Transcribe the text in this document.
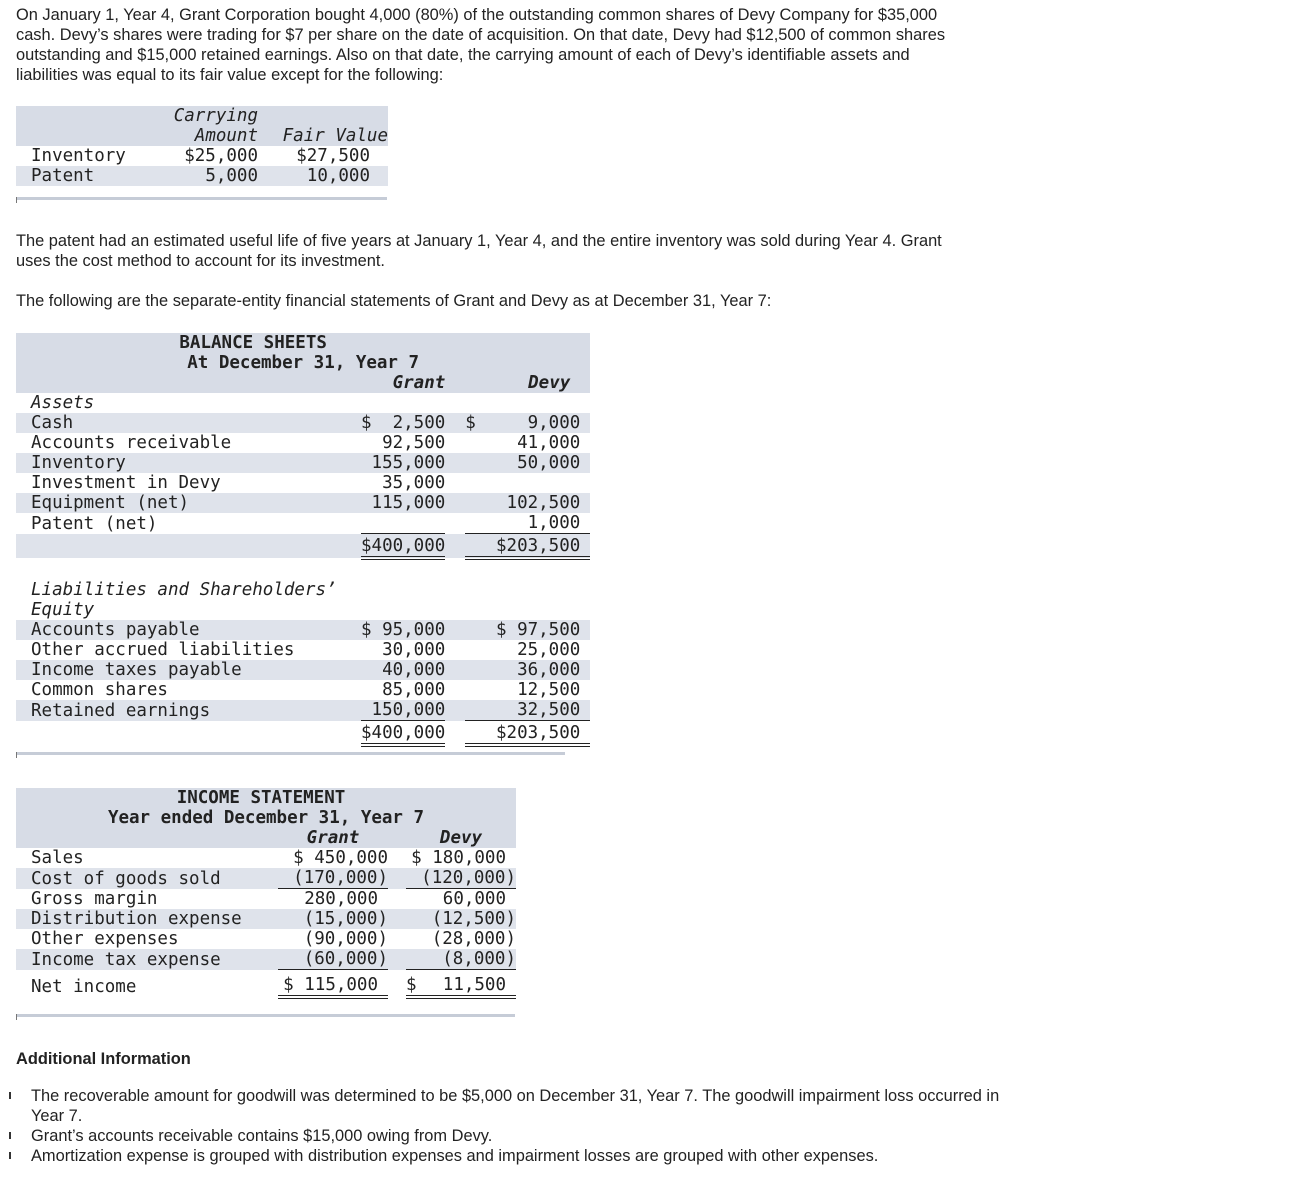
On January 1, Year 4, Grant Corporation bought 4,000 (80%) of the outstanding common shares of Devy Company for $35,000 cash. Devy’s shares were trading for $7 per share on the date of acquisition. On that date, Devy had $12,500 of common shares outstanding and $15,000 retained earnings. Also on that date, the carrying amount of each of Devy’s identifiable assets and liabilities was equal to its fair value except for the following:

	Carrying	
	Amount	Fair Value
Inventory	$25,000	$27,500
Patent	5,000	10,000

The patent had an estimated useful life of five years at January 1, Year 4, and the entire inventory was sold during Year 4. Grant uses the cost method to account for its investment.

The following are the separate-entity financial statements of Grant and Devy as at December 31, Year 7:

BALANCE SHEETS			
At December 31, Year 7			
	Grant		Devy
Assets			
Cash	$ 2,500		$ 9,000
Accounts receivable	92,500		41,000
Inventory	155,000		50,000
Investment in Devy	35,000		
Equipment (net)	115,000		102,500
Patent (net)			1,000
	$400,000		$203,500

Liabilities and Shareholders’			
Equity			
Accounts payable	$ 95,000		$ 97,500
Other accrued liabilities	30,000		25,000
Income taxes payable	40,000		36,000
Common shares	85,000		12,500
Retained earnings	150,000		32,500
	$400,000		$203,500
INCOME STATEMENT			
Year ended December 31, Year 7			
	Grant		Devy
Sales	$ 450,000		$ 180,000
Cost of goods sold	(170,000)		(120,000)
Gross margin	280,000		60,000
Distribution expense	(15,000)		(12,500)
Other expenses	(90,000)		(28,000)
Income tax expense	(60,000)		(8,000)
Net income	$ 115,000		$ 11,500

Additional Information

The recoverable amount for goodwill was determined to be $5,000 on December 31, Year 7. The goodwill impairment loss occurred in Year 7.
Grant’s accounts receivable contains $15,000 owing from Devy.
Amortization expense is grouped with distribution expenses and impairment losses are grouped with other expenses.
